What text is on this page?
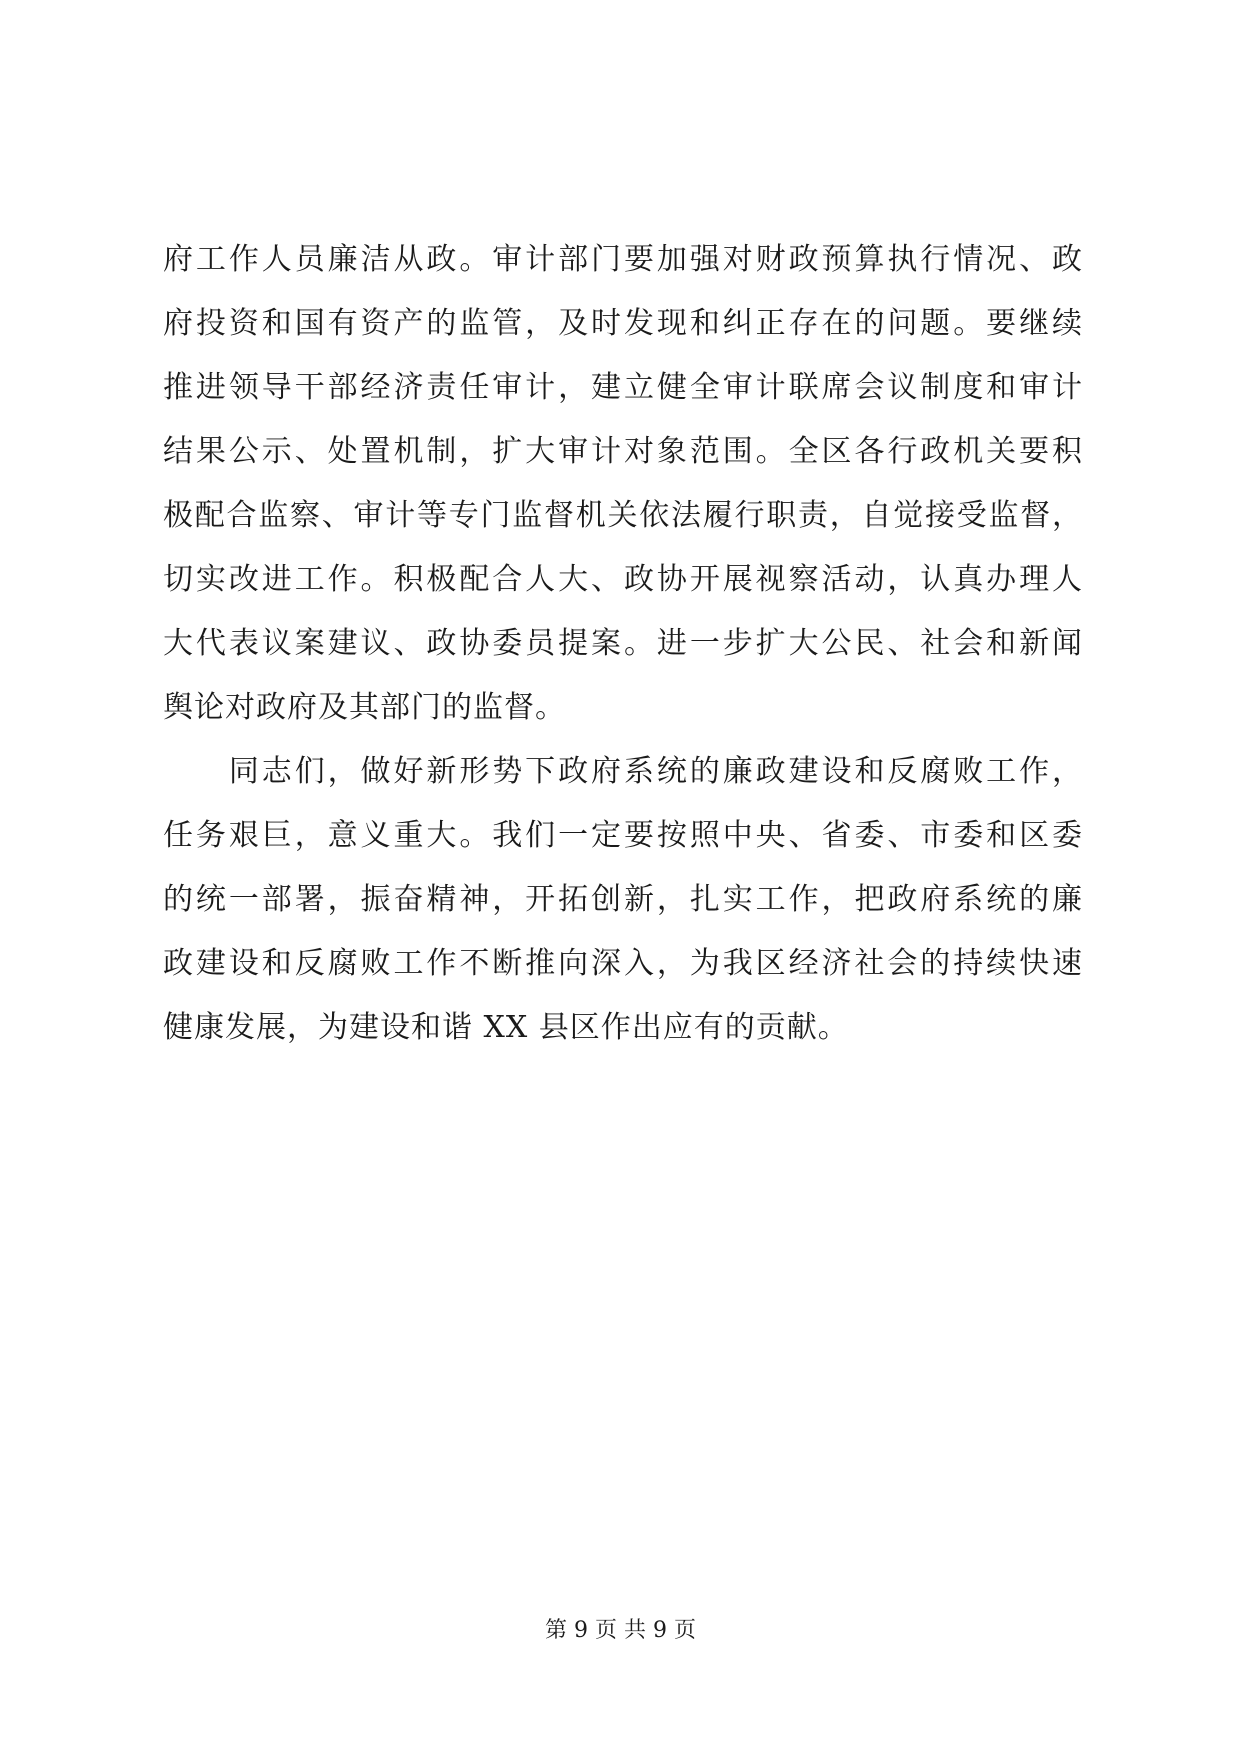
府工作人员廉洁从政。审计部门要加强对财政预算执行情况、政
府投资和国有资产的监管，及时发现和纠正存在的问题。要继续
推进领导干部经济责任审计，建立健全审计联席会议制度和审计
结果公示、处置机制，扩大审计对象范围。全区各行政机关要积
极配合监察、审计等专门监督机关依法履行职责，自觉接受监督，
切实改进工作。积极配合人大、政协开展视察活动，认真办理人
大代表议案建议、政协委员提案。进一步扩大公民、社会和新闻
舆论对政府及其部门的监督。
　　同志们，做好新形势下政府系统的廉政建设和反腐败工作，
任务艰巨，意义重大。我们一定要按照中央、省委、市委和区委
的统一部署，振奋精神，开拓创新，扎实工作，把政府系统的廉
政建设和反腐败工作不断推向深入，为我区经济社会的持续快速
健康发展，为建设和谐 XX 县区作出应有的贡献。
第 9 页 共 9 页
